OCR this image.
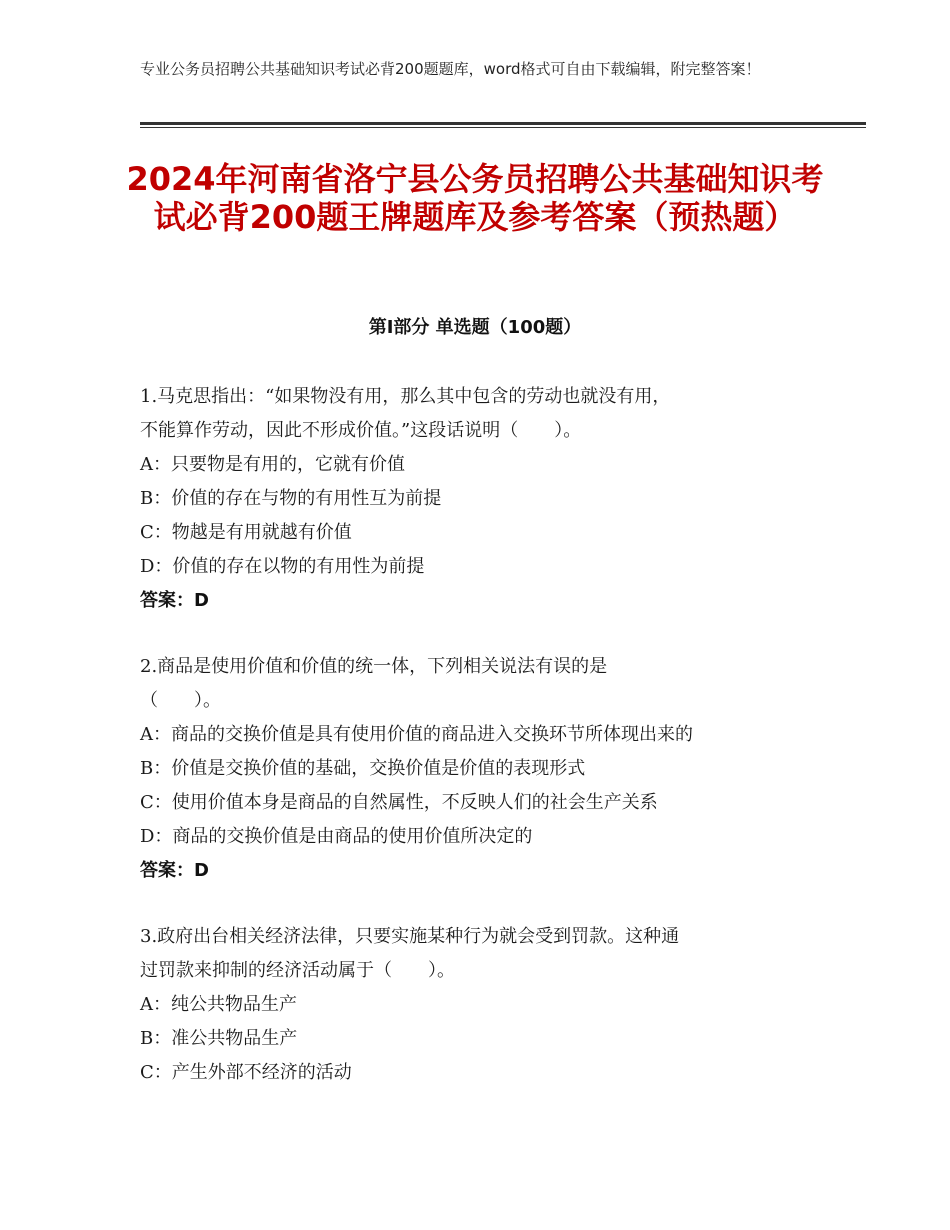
专业公务员招聘公共基础知识考试必背200题题库，word格式可自由下载编辑，附完整答案！
2024年河南省洛宁县公务员招聘公共基础知识考试必背200题王牌题库及参考答案（预热题）
第I部分 单选题（100题）
1.马克思指出：“如果物没有用，那么其中包含的劳动也就没有用，
不能算作劳动，因此不形成价值。”这段话说明（　　）。
A：只要物是有用的，它就有价值
B：价值的存在与物的有用性互为前提
C：物越是有用就越有价值
D：价值的存在以物的有用性为前提
答案：D
2.商品是使用价值和价值的统一体，下列相关说法有误的是
（　　）。
A：商品的交换价值是具有使用价值的商品进入交换环节所体现出来的
B：价值是交换价值的基础，交换价值是价值的表现形式
C：使用价值本身是商品的自然属性，不反映人们的社会生产关系
D：商品的交换价值是由商品的使用价值所决定的
答案：D
3.政府出台相关经济法律，只要实施某种行为就会受到罚款。这种通
过罚款来抑制的经济活动属于（　　）。
A：纯公共物品生产
B：准公共物品生产
C：产生外部不经济的活动
